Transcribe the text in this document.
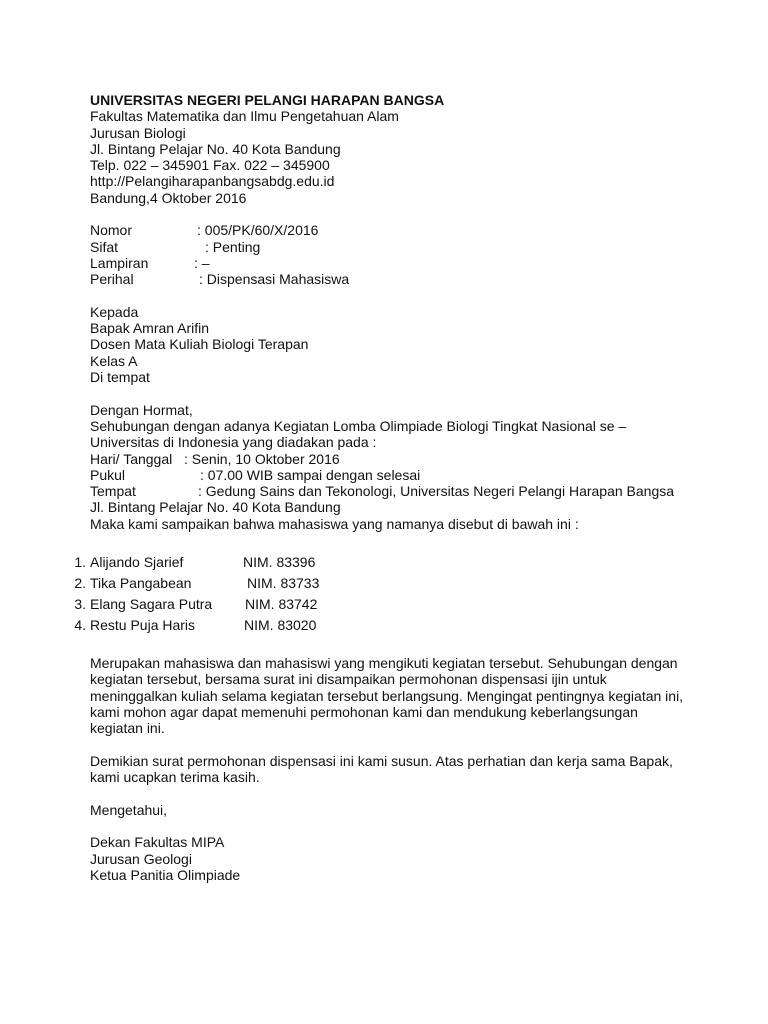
UNIVERSITAS NEGERI PELANGI HARAPAN BANGSA

Fakultas Matematika dan Ilmu Pengetahuan Alam

Jurusan Biologi

Jl. Bintang Pelajar No. 40 Kota Bandung

Telp. 022 – 345901 Fax. 022 – 345900

http://Pelangiharapanbangsabdg.edu.id

Bandung,4 Oktober 2016

Nomor	: 005/PK/60/X/2016

Sifat	: Penting

Lampiran	: –

Perihal	: Dispensasi Mahasiswa

Kepada

Bapak Amran Arifin

Dosen Mata Kuliah Biologi Terapan

Kelas A

Di tempat

Dengan Hormat,

Sehubungan dengan adanya Kegiatan Lomba Olimpiade Biologi Tingkat Nasional se –

Universitas di Indonesia yang diadakan pada :

Hari/ Tanggal : Senin, 10 Oktober 2016

Pukul	: 07.00 WIB sampai dengan selesai

Tempat	: Gedung Sains dan Tekonologi, Universitas Negeri Pelangi Harapan Bangsa

Jl. Bintang Pelajar No. 40 Kota Bandung

Maka kami sampaikan bahwa mahasiswa yang namanya disebut di bawah ini :

1. Alijando Sjarief	NIM. 83396
2. Tika Pangabean	NIM. 83733
3. Elang Sagara Putra NIM. 83742
4. Restu Puja Haris	NIM. 83020

Merupakan mahasiswa dan mahasiswi yang mengikuti kegiatan tersebut. Sehubungan dengan

kegiatan tersebut, bersama surat ini disampaikan permohonan dispensasi ijin untuk

meninggalkan kuliah selama kegiatan tersebut berlangsung. Mengingat pentingnya kegiatan ini,

kami mohon agar dapat memenuhi permohonan kami dan mendukung keberlangsungan

kegiatan ini.

Demikian surat permohonan dispensasi ini kami susun. Atas perhatian dan kerja sama Bapak,

kami ucapkan terima kasih.

Mengetahui,

Dekan Fakultas MIPA

Jurusan Geologi

Ketua Panitia Olimpiade
